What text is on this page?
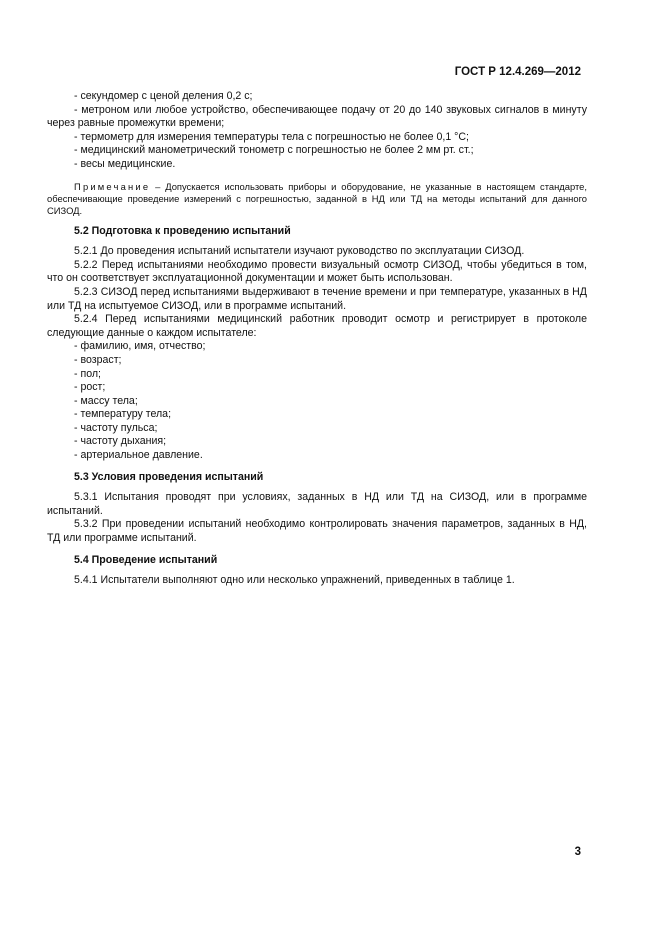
ГОСТ Р 12.4.269—2012

- секундомер с ценой деления 0,2 с;

- метроном или любое устройство, обеспечивающее подачу от 20 до 140 звуковых сигналов в минуту через равные промежутки времени;

- термометр для измерения температуры тела с погрешностью не более 0,1 °С;

- медицинский манометрический тонометр с погрешностью не более 2 мм рт. ст.;

- весы медицинские.

Примечание – Допускается использовать приборы и оборудование, не указанные в настоящем стандарте, обеспечивающие проведение измерений с погрешностью, заданной в НД или ТД на методы испытаний для данного СИЗОД.

5.2 Подготовка к проведению испытаний

5.2.1 До проведения испытаний испытатели изучают руководство по эксплуатации СИЗОД.

5.2.2 Перед испытаниями необходимо провести визуальный осмотр СИЗОД, чтобы убедиться в том, что он соответствует эксплуатационной документации и может быть использован.

5.2.3 СИЗОД перед испытаниями выдерживают в течение времени и при температуре, указанных в НД или ТД на испытуемое СИЗОД, или в программе испытаний.

5.2.4 Перед испытаниями медицинский работник проводит осмотр и регистрирует в протоколе следующие данные о каждом испытателе:

- фамилию, имя, отчество;

- возраст;

- пол;

- рост;

- массу тела;

- температуру тела;

- частоту пульса;

- частоту дыхания;

- артериальное давление.

5.3 Условия проведения испытаний

5.3.1 Испытания проводят при условиях, заданных в НД или ТД на СИЗОД, или в программе испытаний.

5.3.2 При проведении испытаний необходимо контролировать значения параметров, заданных в НД, ТД или программе испытаний.

5.4 Проведение испытаний

5.4.1 Испытатели выполняют одно или несколько упражнений, приведенных в таблице 1.

3
